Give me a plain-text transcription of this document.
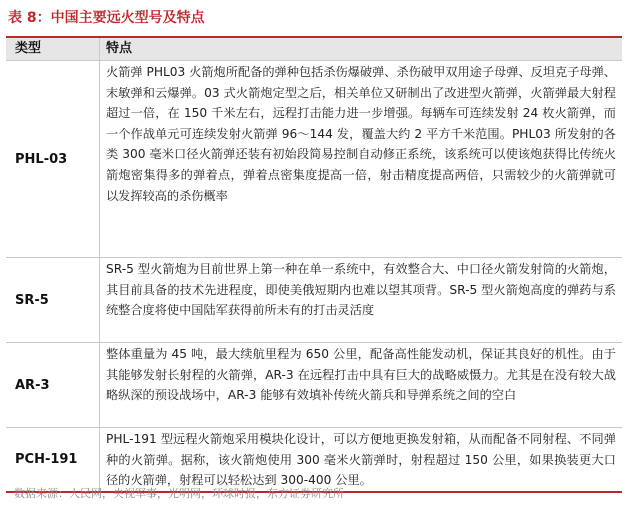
表 8：中国主要远火型号及特点
类型	特点
PHL-03
火箭弹 PHL03 火箭炮所配备的弹种包括杀伤爆破弹、杀伤破甲双用途子母弹、反坦克子母弹、末敏弹和云爆弹。03 式火箭炮定型之后，相关单位又研制出了改进型火箭弹，火箭弹最大射程超过一倍，在 150 千米左右，远程打击能力进一步增强。每辆车可连续发射 24 枚火箭弹，而一个作战单元可连续发射火箭弹 96～144 发，覆盖大约 2 平方千米范围。PHL03 所发射的各类 300 毫米口径火箭弹还装有初始段简易控制自动修正系统，该系统可以使该炮获得比传统火箭炮密集得多的弹着点，弹着点密集度提高一倍，射击精度提高两倍，只需较少的火箭弹就可以发挥较高的杀伤概率
SR-5
SR-5 型火箭炮为目前世界上第一种在单一系统中，有效整合大、中口径火箭发射筒的火箭炮，其目前具备的技术先进程度，即使美俄短期内也难以望其项背。SR-5 型火箭炮高度的弹药与系统整合度将使中国陆军获得前所未有的打击灵活度
AR-3
整体重量为 45 吨，最大续航里程为 650 公里，配备高性能发动机，保证其良好的机性。由于其能够发射长射程的火箭弹，AR-3 在远程打击中具有巨大的战略威慑力。尤其是在没有较大战略纵深的预设战场中，AR-3 能够有效填补传统火箭兵和导弹系统之间的空白
PCH-191
PHL-191 型远程火箭炮采用模块化设计，可以方便地更换发射箱，从而配备不同射程、不同弹种的火箭弹。据称，该火箭炮使用 300 毫米火箭弹时，射程超过 150 公里，如果换装更大口径的火箭弹，射程可以轻松达到 300-400 公里。
数据来源：人民网，央视军事，光明网，环球时报，东方证券研究所
